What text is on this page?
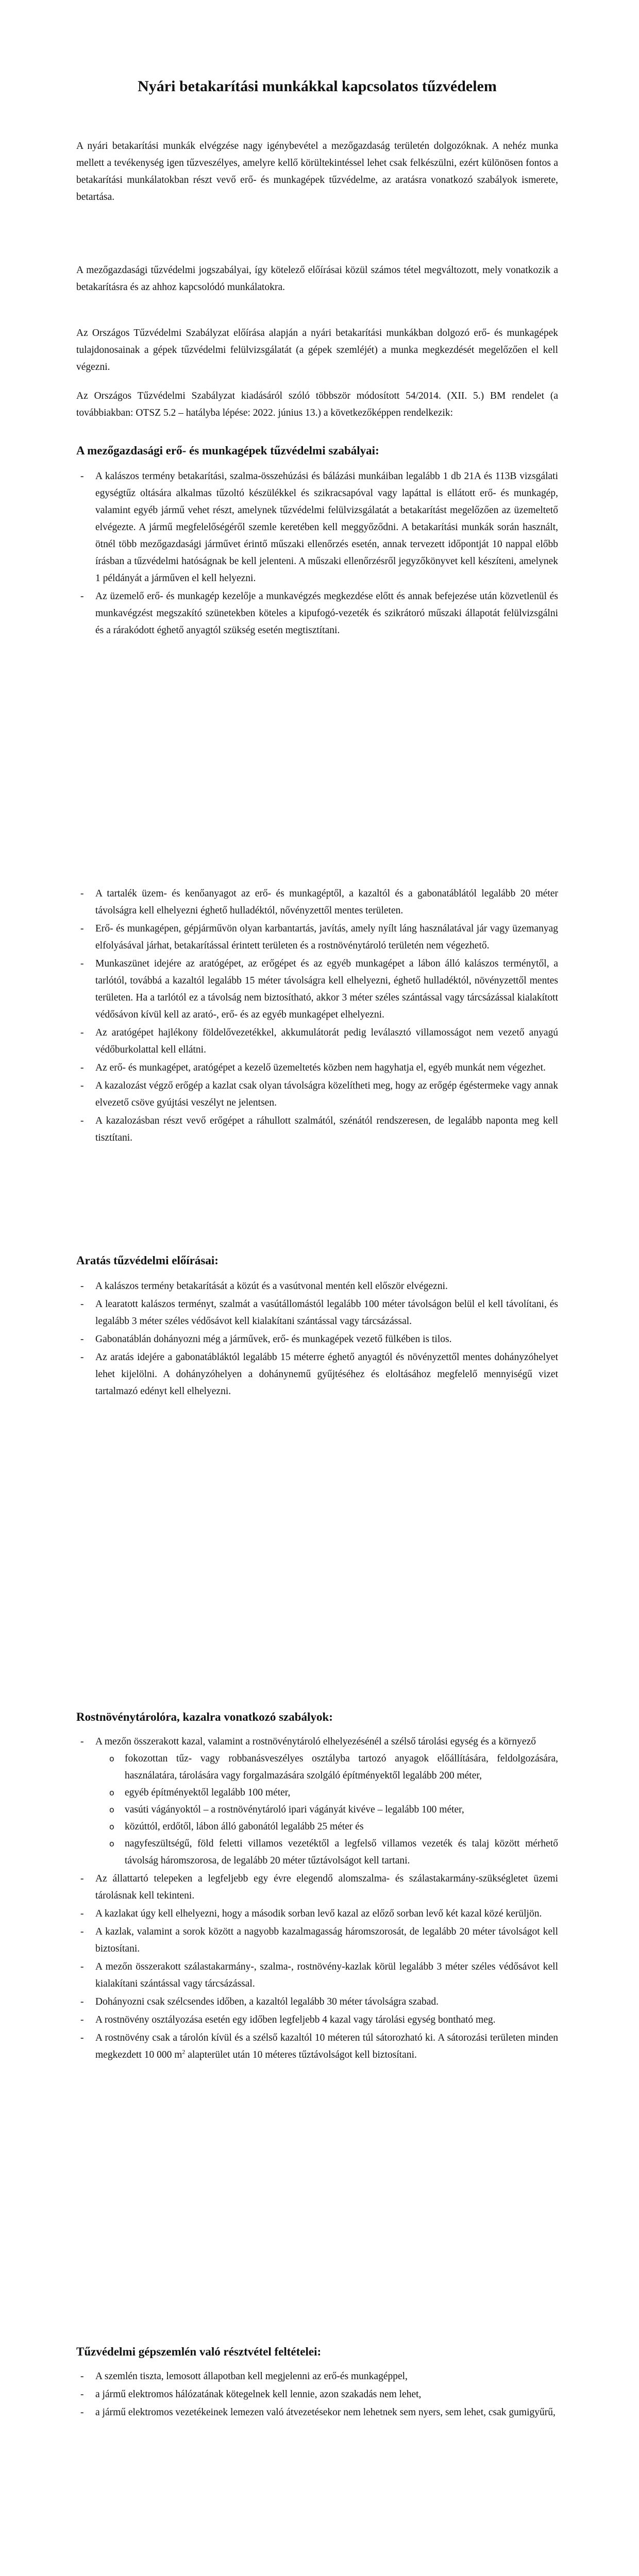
Nyári betakarítási munkákkal kapcsolatos tűzvédelem

A nyári betakarítási munkák elvégzése nagy igénybevétel a mezőgazdaság területén dolgozóknak. A nehéz munka mellett a tevékenység igen tűzveszélyes, amelyre kellő körültekintéssel lehet csak felkészülni, ezért különösen fontos a betakarítási munkálatokban részt vevő erő- és munkagépek tűzvédelme, az aratásra vonatkozó szabályok ismerete, betartása.

A mezőgazdasági tűzvédelmi jogszabályai, így kötelező előírásai közül számos tétel megváltozott, mely vonatkozik a betakarításra és az ahhoz kapcsolódó munkálatokra.

Az Országos Tűzvédelmi Szabályzat előírása alapján a nyári betakarítási munkákban dolgozó erő- és munkagépek tulajdonosainak a gépek tűzvédelmi felülvizsgálatát (a gépek szemléjét) a munka megkezdését megelőzően el kell végezni.

Az Országos Tűzvédelmi Szabályzat kiadásáról szóló többször módosított 54/2014. (XII. 5.) BM rendelet (a továbbiakban: OTSZ 5.2 – hatályba lépése: 2022. június 13.) a következőképpen rendelkezik:

A mezőgazdasági erő- és munkagépek tűzvédelmi szabályai:
- A kalászos termény betakarítási, szalma-összehúzási és bálázási munkáiban legalább 1 db 21A és 113B vizsgálati egységtűz oltására alkalmas tűzoltó készülékkel és szikracsapóval vagy lapáttal is ellátott erő- és munkagép, valamint egyéb jármű vehet részt, amelynek tűzvédelmi felülvizsgálatát a betakarítást megelőzően az üzemeltető elvégezte. A jármű megfelelőségéről szemle keretében kell meggyőződni. A betakarítási munkák során használt, ötnél több mezőgazdasági járművet érintő műszaki ellenőrzés esetén, annak tervezett időpontját 10 nappal előbb írásban a tűzvédelmi hatóságnak be kell jelenteni. A műszaki ellenőrzésről jegyzőkönyvet kell készíteni, amelynek 1 példányát a járműven el kell helyezni.
- Az üzemelő erő- és munkagép kezelője a munkavégzés megkezdése előtt és annak befejezése után közvetlenül és munkavégzést megszakító szünetekben köteles a kipufogó-vezeték és szikrátoró műszaki állapotát felülvizsgálni és a rárakódott éghető anyagtól szükség esetén megtisztítani.
- A tartalék üzem- és kenőanyagot az erő- és munkagéptől, a kazaltól és a gabonatáblától legalább 20 méter távolságra kell elhelyezni éghető hulladéktól, nővényzettől mentes területen.
- Erő- és munkagépen, gépjárművön olyan karbantartás, javítás, amely nyílt láng használatával jár vagy üzemanyag elfolyásával járhat, betakarítással érintett területen és a rostnövénytároló területén nem végezhető.
- Munkaszünet idejére az aratógépet, az erőgépet és az egyéb munkagépet a lábon álló kalászos terménytől, a tarlótól, továbbá a kazaltól legalább 15 méter távolságra kell elhelyezni, éghető hulladéktól, növényzettől mentes területen. Ha a tarlótól ez a távolság nem biztosítható, akkor 3 méter széles szántással vagy tárcsázással kialakított védősávon kívül kell az arató-, erő- és az egyéb munkagépet elhelyezni.
- Az aratógépet hajlékony földelővezetékkel, akkumulátorát pedig leválasztó villamosságot nem vezető anyagú védőburkolattal kell ellátni.
- Az erő- és munkagépet, aratógépet a kezelő üzemeltetés közben nem hagyhatja el, egyéb munkát nem végezhet.
- A kazalozást végző erőgép a kazlat csak olyan távolságra közelítheti meg, hogy az erőgép égéstermeke vagy annak elvezető csöve gyújtási veszélyt ne jelentsen.
- A kazalozásban részt vevő erőgépet a ráhullott szalmától, szénától rendszeresen, de legalább naponta meg kell tisztítani.
Aratás tűzvédelmi előírásai:
- A kalászos termény betakarítását a közút és a vasútvonal mentén kell először elvégezni.
- A learatott kalászos terményt, szalmát a vasútállomástól legalább 100 méter távolságon belül el kell távolítani, és legalább 3 méter széles védősávot kell kialakítani szántással vagy tárcsázással.
- Gabonatáblán dohányozni még a járművek, erő- és munkagépek vezető fülkében is tilos.
- Az aratás idejére a gabonatábláktól legalább 15 méterre éghető anyagtól és növényzettől mentes dohányzóhelyet lehet kijelölni. A dohányzóhelyen a dohánynemű gyűjtéséhez és eloltásához megfelelő mennyiségű vizet tartalmazó edényt kell elhelyezni.
Rostnövénytárolóra, kazalra vonatkozó szabályok:
- A mezőn összerakott kazal, valamint a rostnövénytároló elhelyezésénél a szélső tárolási egység és a környező
o fokozottan tűz- vagy robbanásveszélyes osztályba tartozó anyagok előállítására, feldolgozására, használatára, tárolására vagy forgalmazására szolgáló építményektől legalább 200 méter,
o egyéb építményektől legalább 100 méter,
o vasúti vágányoktól – a rostnövénytároló ipari vágányát kivéve – legalább 100 méter,
o közúttól, erdőtől, lábon álló gabonától legalább 25 méter és
o nagyfeszültségű, föld feletti villamos vezetéktől a legfelső villamos vezeték és talaj között mérhető távolság háromszorosa, de legalább 20 méter tűztávolságot kell tartani.
- Az állattartó telepeken a legfeljebb egy évre elegendő alomszalma- és szálastakarmány-szükségletet üzemi tárolásnak kell tekinteni.
- A kazlakat úgy kell elhelyezni, hogy a második sorban levő kazal az előző sorban levő két kazal közé kerüljön.
- A kazlak, valamint a sorok között a nagyobb kazalmagasság háromszorosát, de legalább 20 méter távolságot kell biztosítani.
- A mezőn összerakott szálastakarmány-, szalma-, rostnövény-kazlak körül legalább 3 méter széles védősávot kell kialakítani szántással vagy tárcsázással.
- Dohányozni csak szélcsendes időben, a kazaltól legalább 30 méter távolságra szabad.
- A rostnövény osztályozása esetén egy időben legfeljebb 4 kazal vagy tárolási egység bontható meg.
- A rostnövény csak a tárolón kívül és a szélső kazaltól 10 méteren túl sátorozható ki. A sátorozási területen minden megkezdett 10 000 $m^2$ alapterület után 10 méteres tűztávolságot kell biztosítani.
Tűzvédelmi gépszemlén való résztvétel feltételei:
- A szemlén tiszta, lemosott állapotban kell megjelenni az erő-és munkagéppel,
- a jármű elektromos hálózatának kötegelnek kell lennie, azon szakadás nem lehet,
- a jármű elektromos vezetékeinek lemezen való átvezetésekor nem lehetnek sem nyers, sem lehet, csak gumigyűrű,
